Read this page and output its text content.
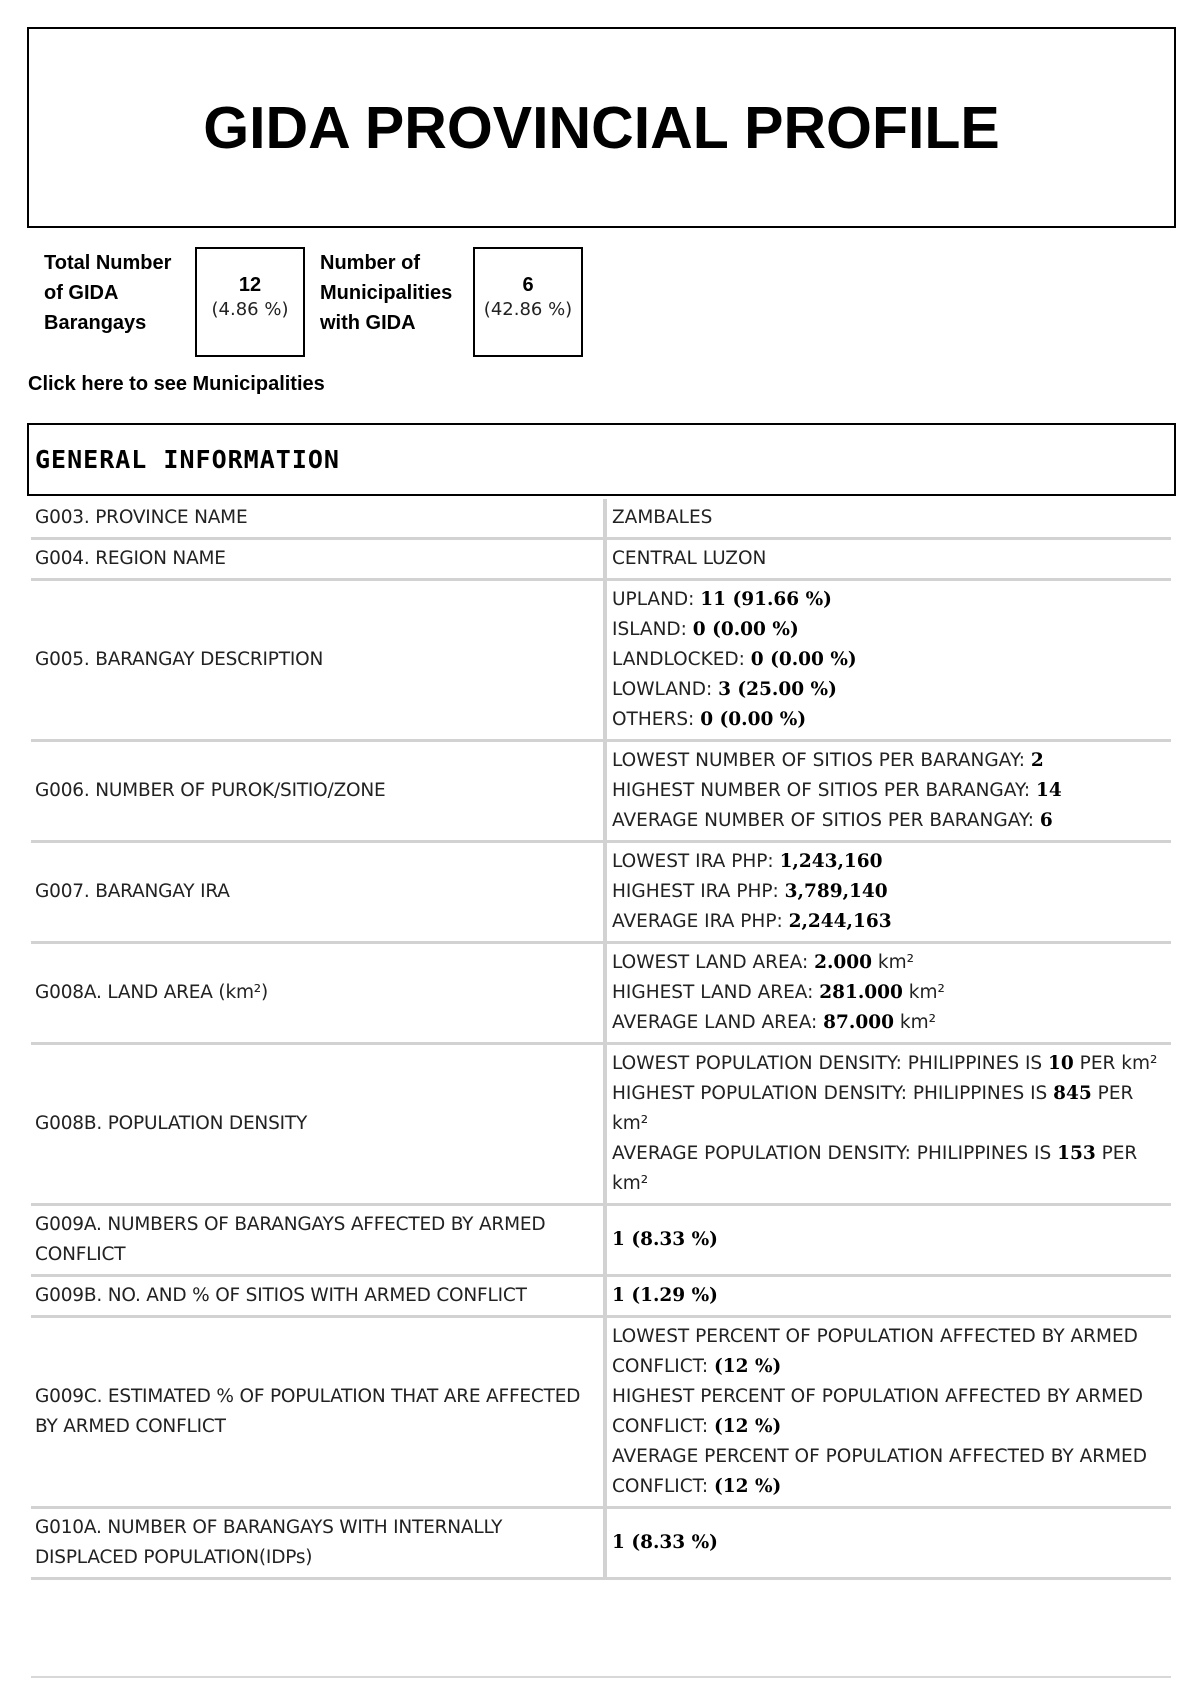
GIDA PROVINCIAL PROFILE
Total Number
of GIDA
Barangays
12
(4.86 %)
Number of
Municipalities
with GIDA
6
(42.86 %)
Click here to see Municipalities
GENERAL INFORMATION
G003. PROVINCE NAME	ZAMBALES

G004. REGION NAME	CENTRAL LUZON

G005. BARANGAY DESCRIPTION	UPLAND: 11 (91.66 %)
ISLAND: 0 (0.00 %)
LANDLOCKED: 0 (0.00 %)
LOWLAND: 3 (25.00 %)
OTHERS: 0 (0.00 %)

G006. NUMBER OF PUROK/SITIO/ZONE	LOWEST NUMBER OF SITIOS PER BARANGAY: 2
HIGHEST NUMBER OF SITIOS PER BARANGAY: 14
AVERAGE NUMBER OF SITIOS PER BARANGAY: 6

G007. BARANGAY IRA	LOWEST IRA PHP: 1,243,160
HIGHEST IRA PHP: 3,789,140
AVERAGE IRA PHP: 2,244,163

G008A. LAND AREA (km²)	LOWEST LAND AREA: 2.000 km²
HIGHEST LAND AREA: 281.000 km²
AVERAGE LAND AREA: 87.000 km²

G008B. POPULATION DENSITY	LOWEST POPULATION DENSITY: PHILIPPINES IS 10 PER km²
HIGHEST POPULATION DENSITY: PHILIPPINES IS 845 PER km²
AVERAGE POPULATION DENSITY: PHILIPPINES IS 153 PER km²

G009A. NUMBERS OF BARANGAYS AFFECTED BY ARMED CONFLICT	1 (8.33 %)

G009B. NO. AND % OF SITIOS WITH ARMED CONFLICT	1 (1.29 %)

G009C. ESTIMATED % OF POPULATION THAT ARE AFFECTED BY ARMED CONFLICT	LOWEST PERCENT OF POPULATION AFFECTED BY ARMED CONFLICT: (12 %)
HIGHEST PERCENT OF POPULATION AFFECTED BY ARMED CONFLICT: (12 %)
AVERAGE PERCENT OF POPULATION AFFECTED BY ARMED CONFLICT: (12 %)

G010A. NUMBER OF BARANGAYS WITH INTERNALLY DISPLACED POPULATION(IDPs)	1 (8.33 %)
